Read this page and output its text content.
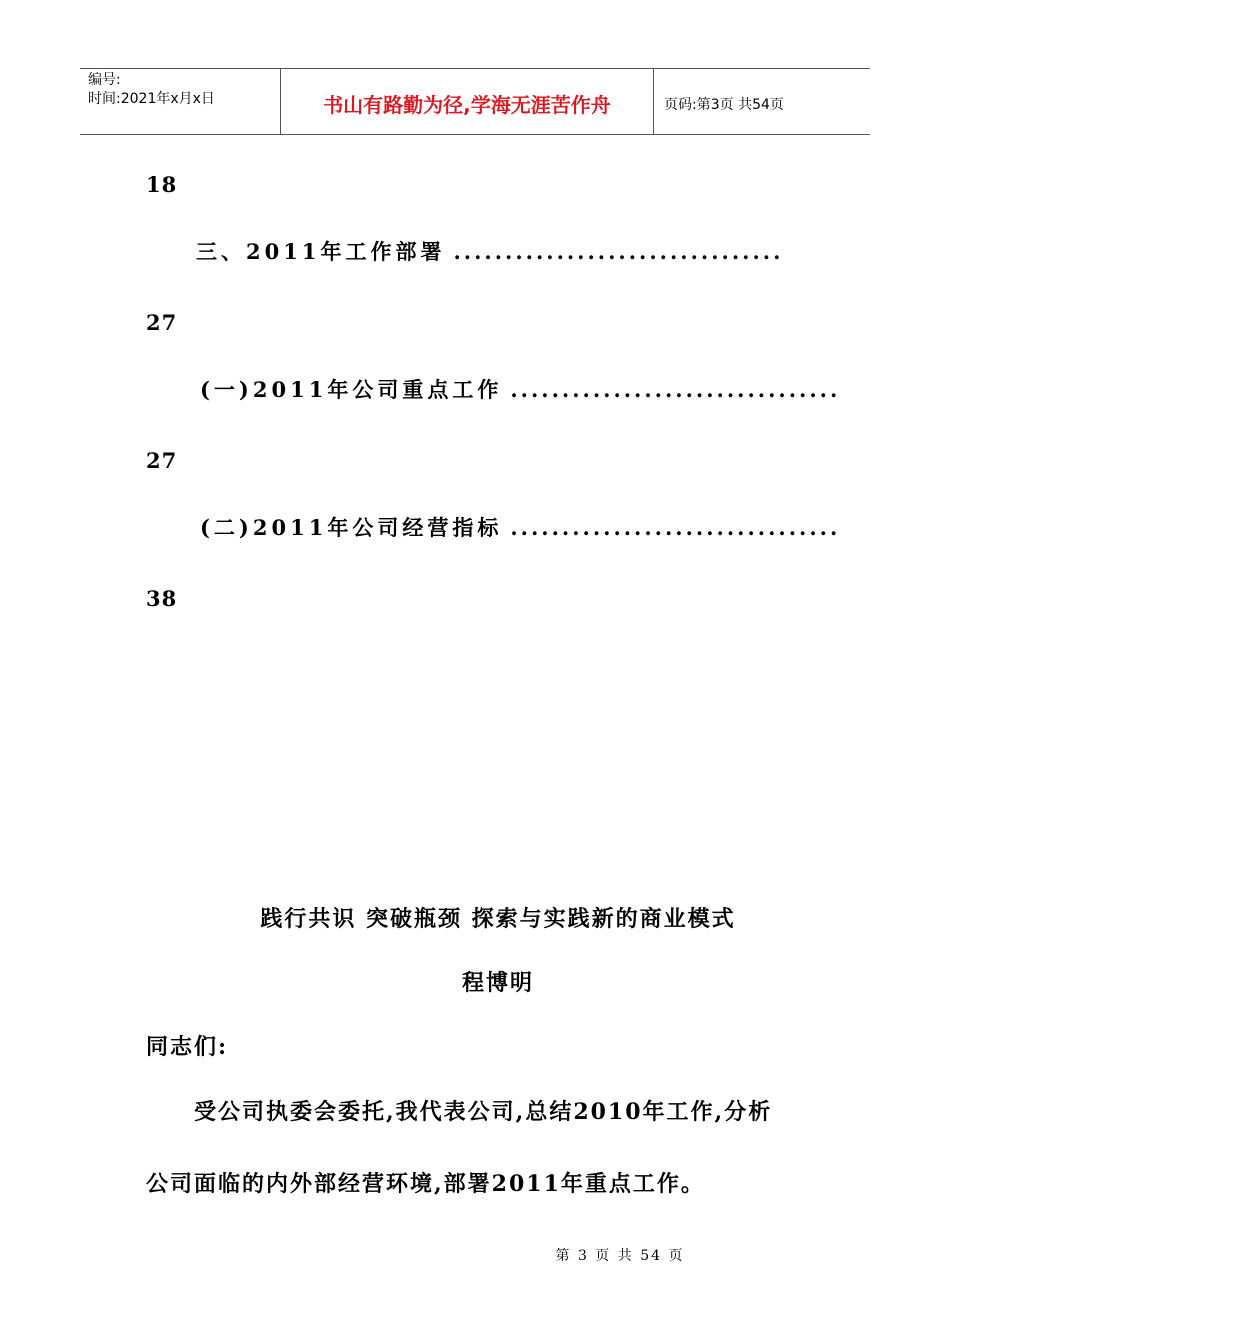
编号:
时间:2021年x月x日	书山有路勤为径,学海无涯苦作舟	页码:第3页 共54页
18
三、2011年工作部署 ................................
27
(一)2011年公司重点工作 ................................
27
(二)2011年公司经营指标 ................................
38
践行共识 突破瓶颈 探索与实践新的商业模式
程博明
同志们:
受公司执委会委托,我代表公司,总结2010年工作,分析
公司面临的内外部经营环境,部署2011年重点工作。
第 3 页 共 54 页
